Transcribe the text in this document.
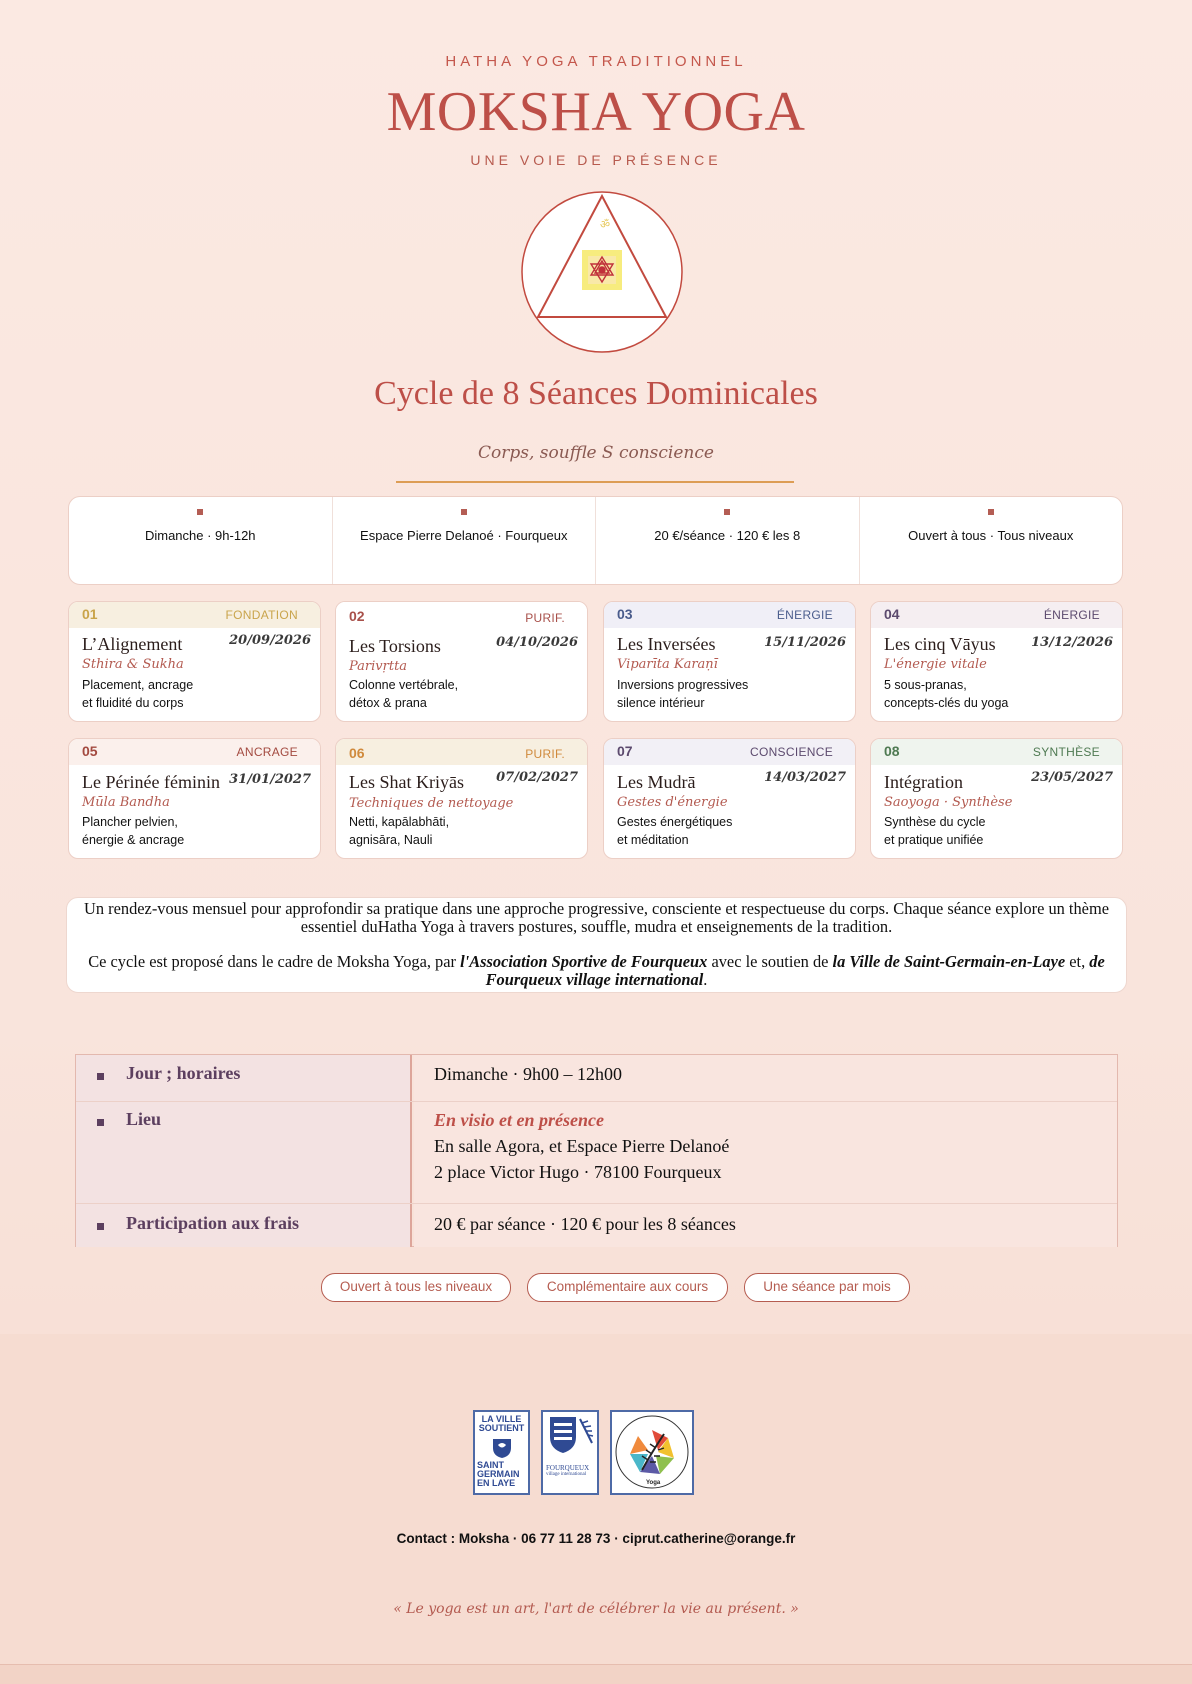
HATHA YOGA TRADITIONNEL
MOKSHA YOGA
UNE VOIE DE PRÉSENCE
ॐ
Cycle de 8 Séances Dominicales
Corps, souffle S conscience
Dimanche · 9h-12h	Espace Pierre Delanoé · Fourqueux	20 €/séance · 120 € les 8	Ouvert à tous · Tous niveaux
01	FONDATION
L’Alignement	20/09/2026
Sthira & Sukha
Placement, ancrage
et fluidité du corps
02	PURIF.
Les Torsions	04/10/2026
Parivṛtta
Colonne vertébrale,
détox & prana
03	ÉNERGIE
Les Inversées	15/11/2026
Viparīta Karaṇī
Inversions progressives
silence intérieur
04	ÉNERGIE
Les cinq Vāyus	13/12/2026
L'énergie vitale
5 sous-pranas,
concepts-clés du yoga
05	ANCRAGE
Le Périnée féminin 31/01/2027
Mūla Bandha
Plancher pelvien,
énergie & ancrage
06	PURIF.
Les Shat Kriyās 07/02/2027
Techniques de nettoyage
Netti, kapālabhāti,
agnisāra, Nauli
07	CONSCIENCE
Les Mudrā	14/03/2027
Gestes d'énergie
Gestes énergétiques
et méditation
08	SYNTHÈSE
Intégration	23/05/2027
Saoyoga · Synthèse
Synthèse du cycle
et pratique unifiée

Un rendez-vous mensuel pour approfondir sa pratique dans une approche progressive, consciente et respectueuse du corps. Chaque séance explore un thème essentiel duHatha Yoga à travers postures, souffle, mudra et enseignements de la tradition.

Ce cycle est proposé dans le cadre de Moksha Yoga, par l'Association Sportive de Fourqueux avec le soutien de la Ville de Saint-Germain-en-Laye et, de Fourqueux village international.

Jour ; horaires	Dimanche · 9h00 – 12h00
Lieu	En visio et en présence
En salle Agora, et Espace Pierre Delanoé
2 place Victor Hugo · 78100 Fourqueux
Participation aux frais	20 € par séance · 120 € pour les 8 séances
Ouvert à tous les niveaux	Complémentaire aux cours	Une séance par mois
LA VILLE
SOUTIENT
SAINT
GERMAIN
EN LAYE
FOURQUEUX
village international
Yoga
Contact : Moksha · 06 77 11 28 73 · ciprut.catherine@orange.fr
« Le yoga est un art, l'art de célébrer la vie au présent. »
